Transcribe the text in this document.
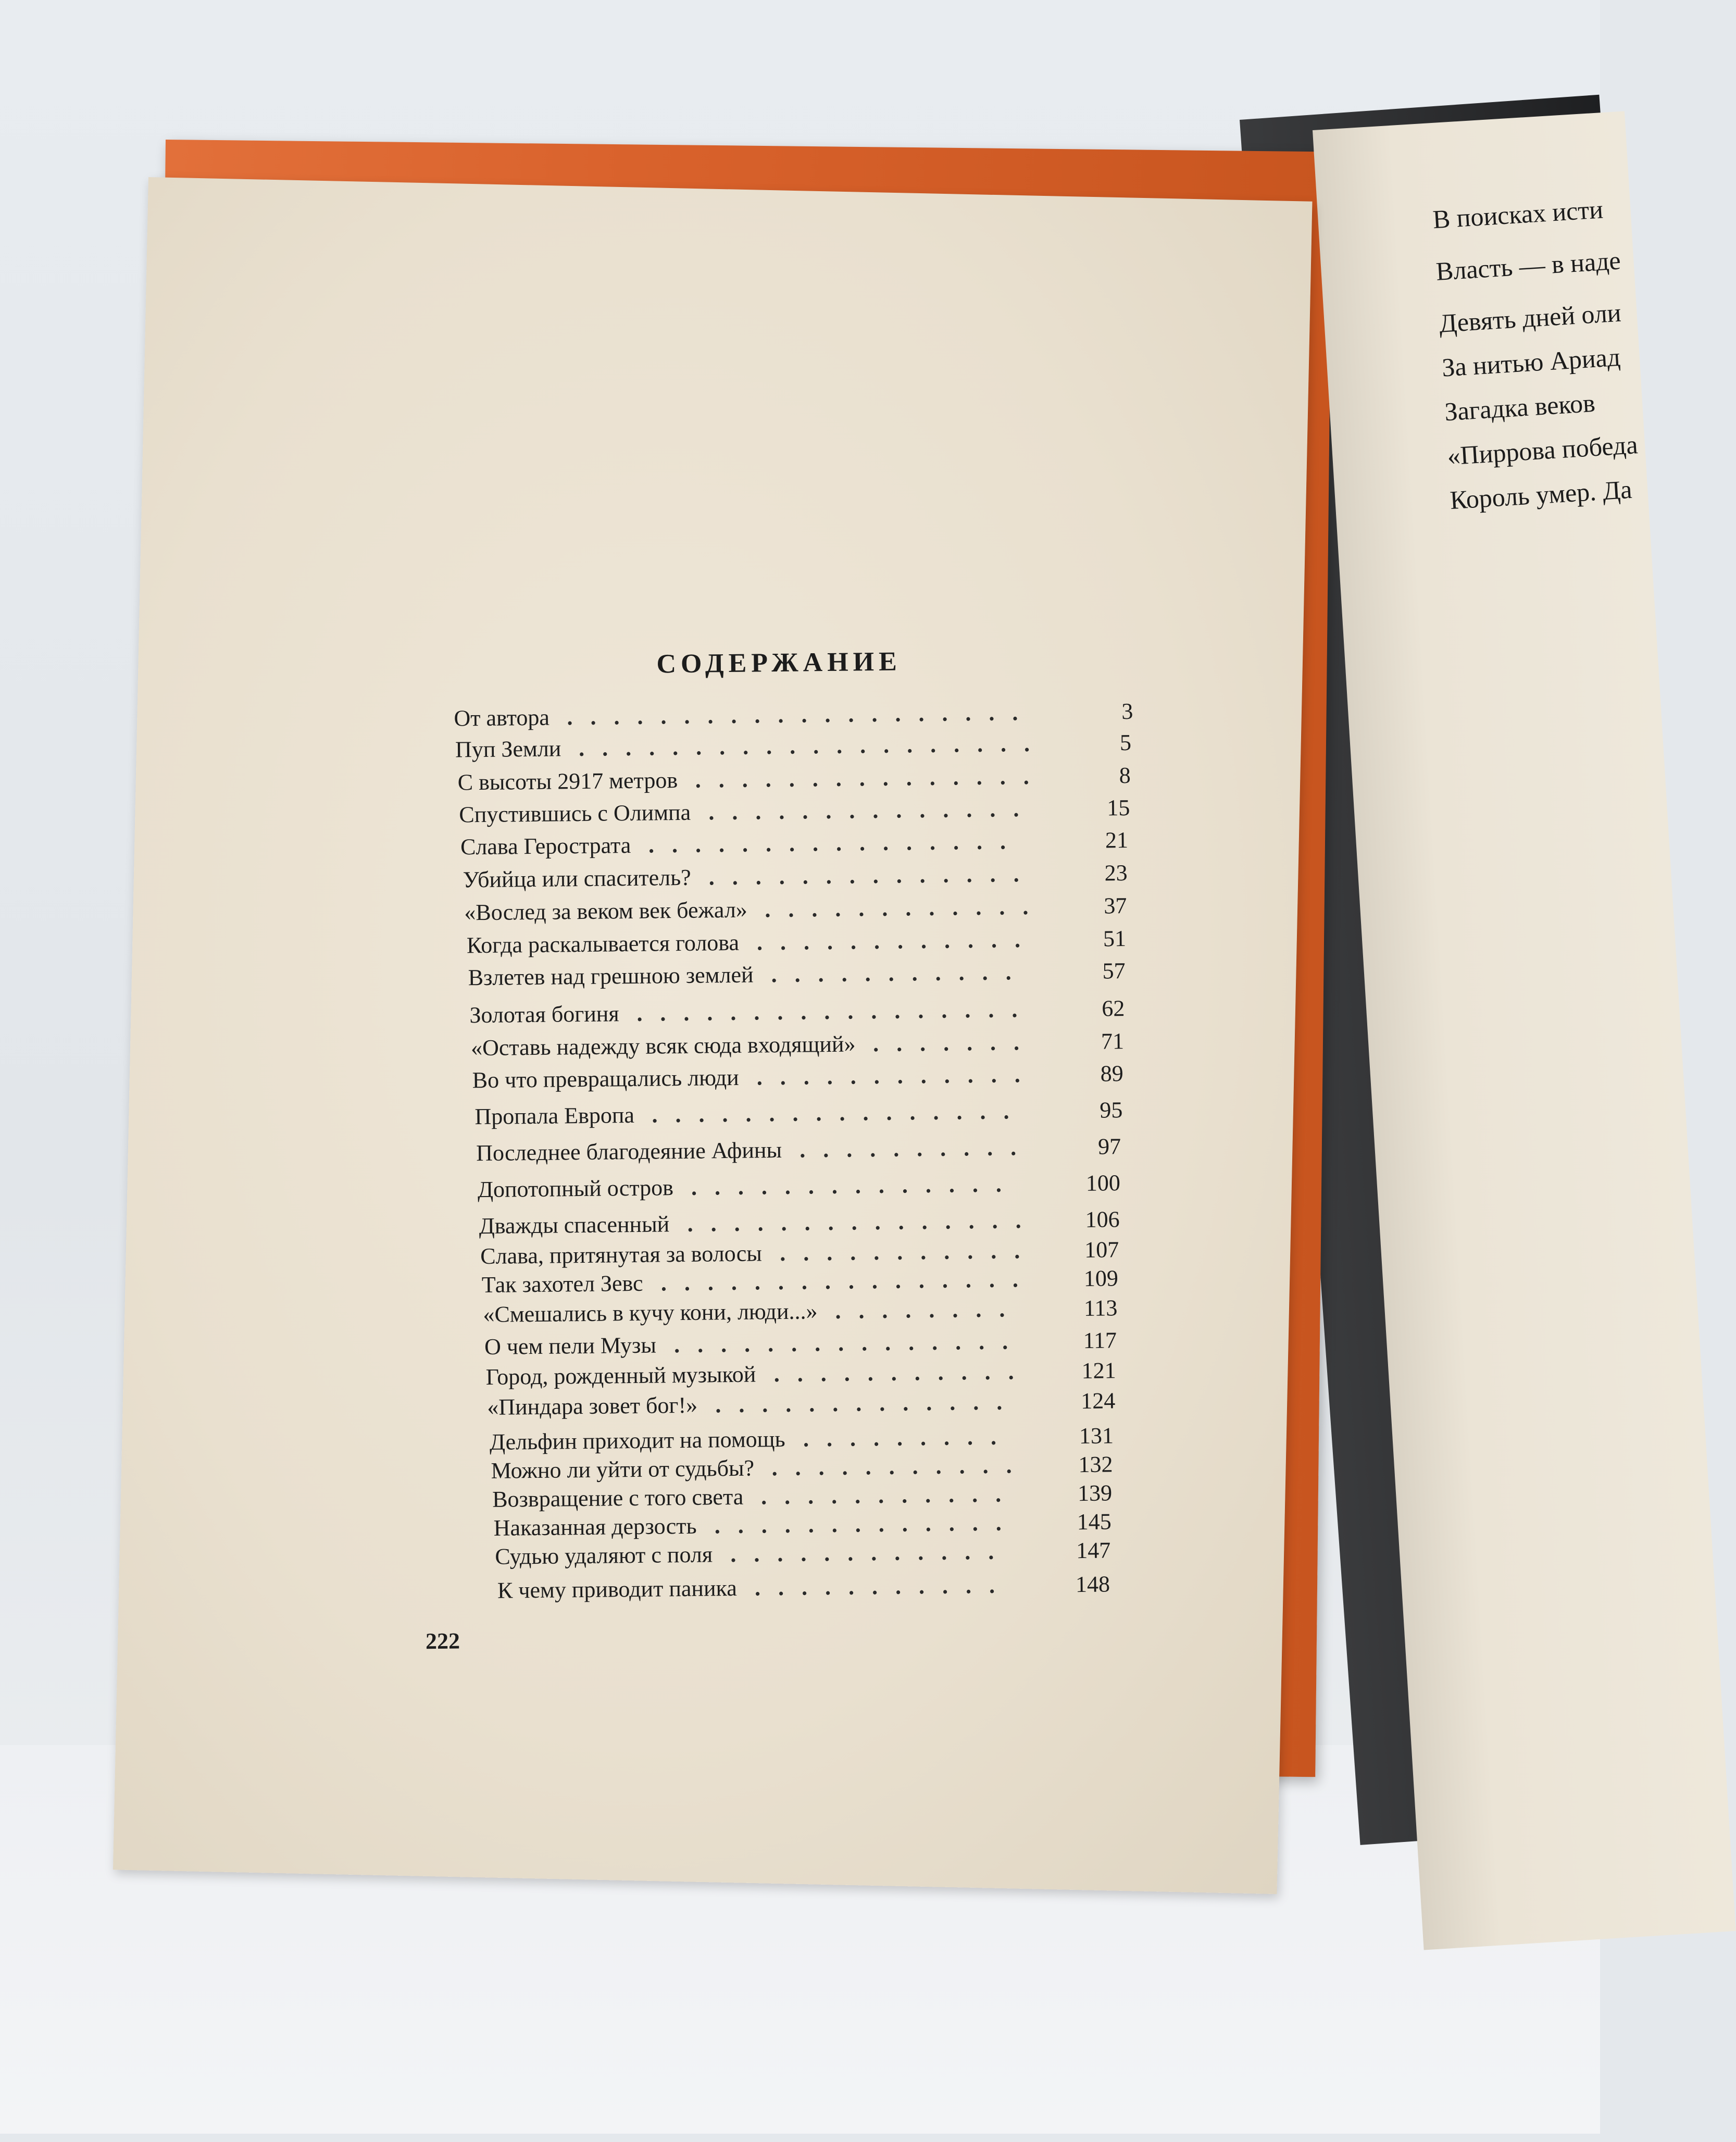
В поисках исти
Власть — в наде
Девять дней оли
За нитью Ариад
Загадка веков
«Пиррова победа
Король умер. Да
СОДЕРЖАНИЕ
От автора ....................	3
Пуп Земли ....................	5
С высоты 2917 метров ...............	8
Спустившись с Олимпа ..............	15
Слава Герострата ................	21
Убийца или спаситель? ..............	23
«Вослед за веком век бежал» ............	37
Когда раскалывается голова ............	51
Взлетев над грешною землей ...........	57
Золотая богиня .................	62
«Оставь надежду всяк сюда входящий» .......	71
Во что превращались люди ............	89
Пропала Европа ................	95
Последнее благодеяние Афины ..........	97
Допотопный остров ..............	100
Дважды спасенный ...............	106
Слава, притянутая за волосы ...........	107
Так захотел Зевс ................	109
«Смешались в кучу кони, люди...» ........	113
О чем пели Музы ...............	117
Город, рожденный музыкой ...........	121
«Пиндара зовет бог!» .............	124
Дельфин приходит на помощь .........	131
Можно ли уйти от судьбы? ...........	132
Возвращение с того света ...........	139
Наказанная дерзость .............	145
Судью удаляют с поля ............	147
К чему приводит паника ...........	148
222
